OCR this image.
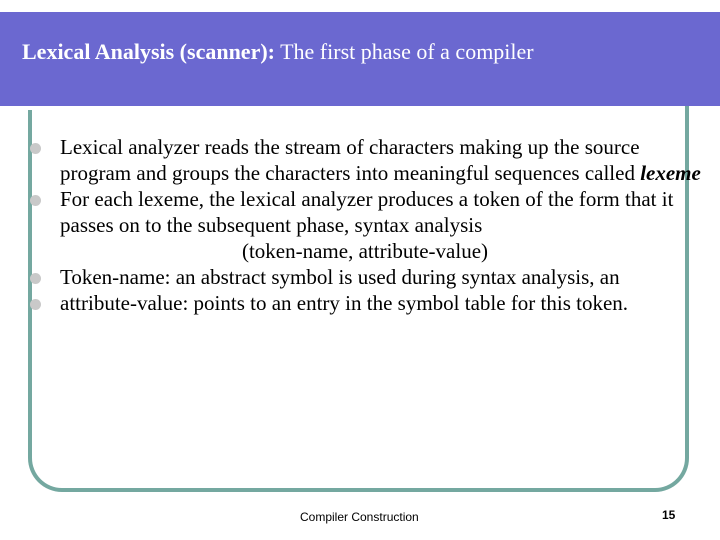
Lexical Analysis (scanner): The first phase of a compiler
Lexical analyzer reads the stream of characters making up the source program and groups the characters into meaningful sequences called lexeme
For each lexeme, the lexical analyzer produces a token of the form that it passes on to the subsequent phase, syntax analysis
(token-name, attribute-value)
Token-name: an abstract symbol is used during syntax analysis, an
attribute-value: points to an entry in the symbol table for this token.
Compiler Construction	15
